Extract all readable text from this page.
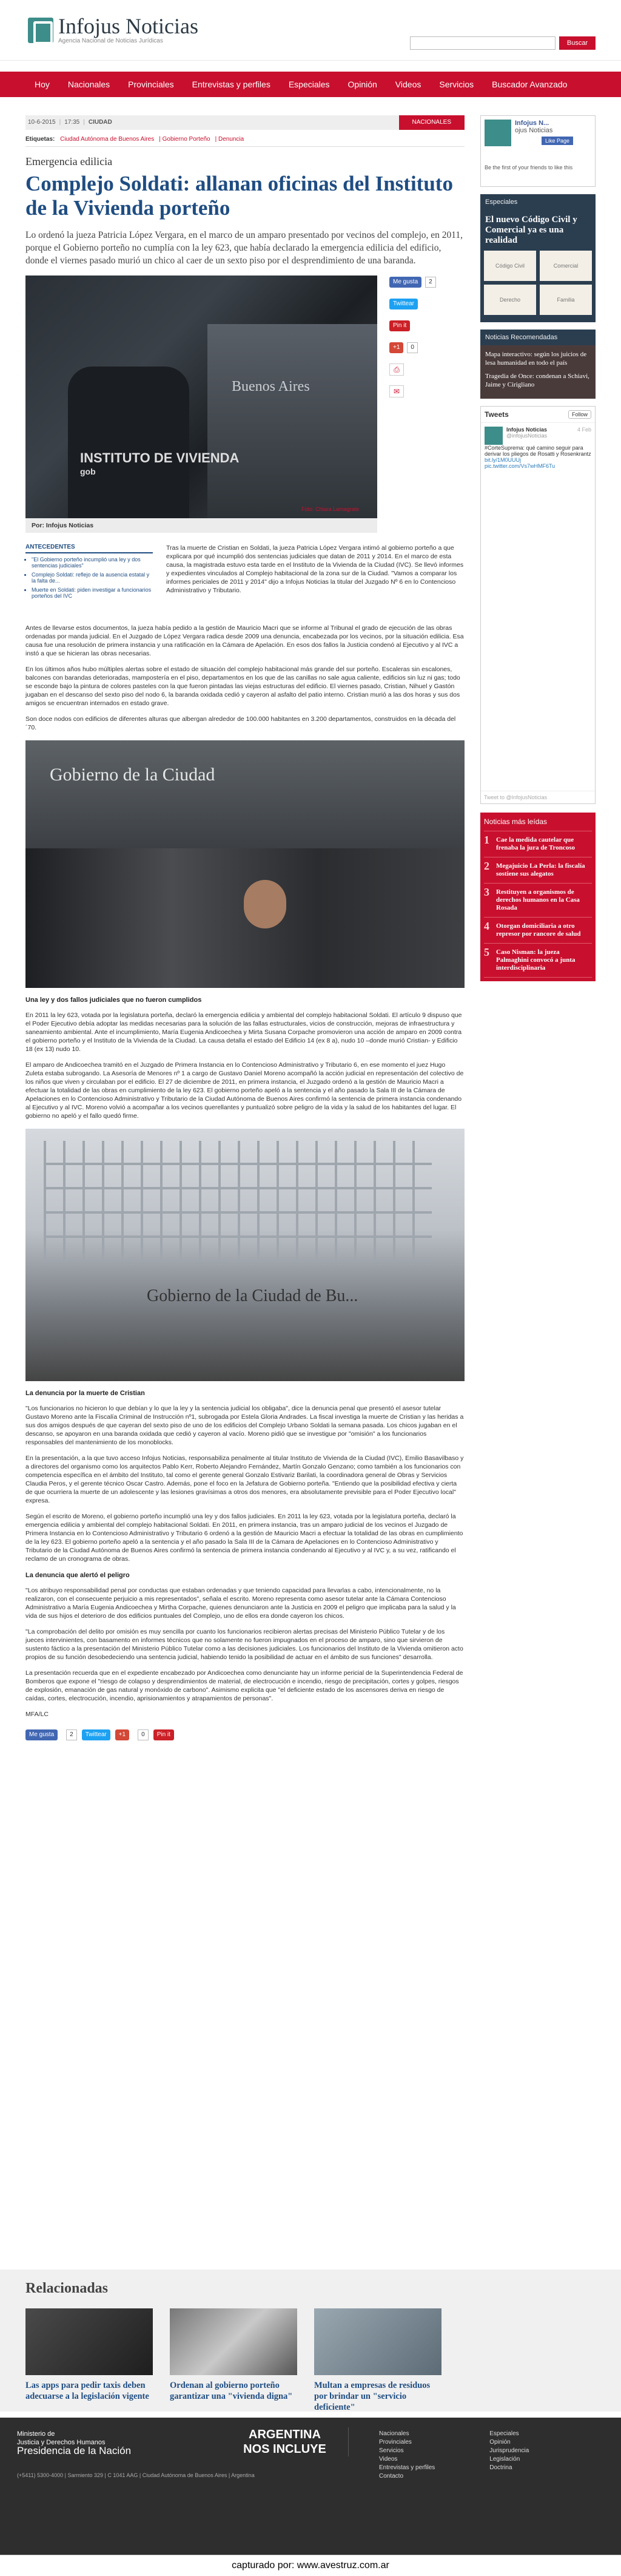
Infojus Noticias
Agencia Nacional de Noticias Jurídicas	Buscar
Hoy	Nacionales	Provinciales	Entrevistas y perfiles	Especiales	Opinión	Videos	Servicios	Buscador Avanzado
10-6-2015 | 17:35 | CIUDAD	NACIONALES
Etiquetas: Ciudad Autónoma de Buenos Aires | Gobierno Porteño | Denuncia
Emergencia edilicia
Complejo Soldati: allanan oficinas del Instituto de la Vivienda porteño

Lo ordenó la jueza Patricia López Vergara, en el marco de un amparo presentado por vecinos del complejo, en 2011, porque el Gobierno porteño no cumplía con la ley 623, que había declarado la emergencia edilicia del edificio, donde el viernes pasado murió un chico al caer de un sexto piso por el desprendimiento de una baranda.

Buenos Aires
INSTITUTO DE VIVIENDA
gob
Foto: Chiara Lamagrate
Por: Infojus Noticias
Me gusta	2
Twittear
Pin it
+1	0
⎙
✉
ANTECEDENTES
• "El Gobierno porteño incumplió una ley y dos sentencias judiciales"
• Complejo Soldati: reflejo de la ausencia estatal y la falta de...
• Muerte en Soldati: piden investigar a funcionarios porteños del IVC

Tras la muerte de Cristian en Soldati, la jueza Patricia López Vergara intimó al gobierno porteño a que explicara por qué incumplió dos sentencias judiciales que datan de 2011 y 2014. En el marco de esta causa, la magistrada estuvo esta tarde en el Instituto de la Vivienda de la Ciudad (IVC). Se llevó informes y expedientes vinculados al Complejo habitacional de la zona sur de la Ciudad. "Vamos a comparar los informes periciales de 2011 y 2014" dijo a Infojus Noticias la titular del Juzgado Nº 6 en lo Contencioso Administrativo y Tributario.

Antes de llevarse estos documentos, la jueza había pedido a la gestión de Mauricio Macri que se informe al Tribunal el grado de ejecución de las obras ordenadas por manda judicial. En el Juzgado de López Vergara radica desde 2009 una denuncia, encabezada por los vecinos, por la situación edilicia. Esa causa fue una resolución de primera instancia y una ratificación en la Cámara de Apelación. En esos dos fallos la Justicia condenó al Ejecutivo y al IVC a instó a que se hicieran las obras necesarias.

En los últimos años hubo múltiples alertas sobre el estado de situación del complejo habitacional más grande del sur porteño. Escaleras sin escalones, balcones con barandas deterioradas, mampostería en el piso, departamentos en los que de las canillas no sale agua caliente, edificios sin luz ni gas; todo se esconde bajo la pintura de colores pasteles con la que fueron pintadas las viejas estructuras del edificio. El viernes pasado, Cristian, Nihuel y Gastón jugaban en el descanso del sexto piso del nodo 6, la baranda oxidada cedió y cayeron al asfalto del patio interno. Cristian murió a las dos horas y sus dos amigos se encuentran internados en estado grave.

Son doce nodos con edificios de diferentes alturas que albergan alrededor de 100.000 habitantes en 3.200 departamentos, construidos en la década del ´70.

Gobierno de la Ciudad
Una ley y dos fallos judiciales que no fueron cumplidos

En 2011 la ley 623, votada por la legislatura porteña, declaró la emergencia edilicia y ambiental del complejo habitacional Soldati. El artículo 9 dispuso que el Poder Ejecutivo debía adoptar las medidas necesarias para la solución de las fallas estructurales, vicios de construcción, mejoras de infraestructura y saneamiento ambiental. Ante el incumplimiento, María Eugenia Andicoechea y Mirta Susana Corpache promovieron una acción de amparo en 2009 contra el gobierno porteño y el Instituto de la Vivienda de la Ciudad. La causa detalla el estado del Edificio 14 (ex 8 a), nudo 10 –donde murió Cristian- y Edificio 18 (ex 13) nudo 10.

El amparo de Andicoechea tramitó en el Juzgado de Primera Instancia en lo Contencioso Administrativo y Tributario 6, en ese momento el juez Hugo Zuleta estaba subrogando. La Asesoría de Menores nº 1 a cargo de Gustavo Daniel Moreno acompañó la acción judicial en representación del colectivo de los niños que viven y circulaban por el edificio. El 27 de diciembre de 2011, en primera instancia, el Juzgado ordenó a la gestión de Mauricio Macri a efectuar la totalidad de las obras en cumplimiento de la ley 623. El gobierno porteño apeló a la sentencia y el año pasado la Sala III de la Cámara de Apelaciones en lo Contencioso Administrativo y Tributario de la Ciudad Autónoma de Buenos Aires confirmó la sentencia de primera instancia condenando al Ejecutivo y al IVC. Moreno volvió a acompañar a los vecinos querellantes y puntualizó sobre peligro de la vida y la salud de los habitantes del lugar. El gobierno no apeló y el fallo quedó firme.

Gobierno de la Ciudad de Bu...
La denuncia por la muerte de Cristian

"Los funcionarios no hicieron lo que debían y lo que la ley y la sentencia judicial los obligaba", dice la denuncia penal que presentó el asesor tutelar Gustavo Moreno ante la Fiscalía Criminal de Instrucción nº1, subrogada por Estela Gloria Andrades. La fiscal investiga la muerte de Cristian y las heridas a sus dos amigos después de que cayeran del sexto piso de uno de los edificios del Complejo Urbano Soldati la semana pasada. Los chicos jugaban en el descanso, se apoyaron en una baranda oxidada que cedió y cayeron al vacío. Moreno pidió que se investigue por "omisión" a los funcionarios responsables del mantenimiento de los monoblocks.

En la presentación, a la que tuvo acceso Infojus Noticias, responsabiliza penalmente al titular Instituto de Vivienda de la Ciudad (IVC), Emilio Basavilbaso y a directores del organismo como los arquitectos Pablo Kerr, Roberto Alejandro Fernández, Martín Gonzalo Genzano; como también a los funcionarios con competencia específica en el ámbito del Instituto, tal como el gerente general Gonzalo Estivariz Barilati, la coordinadora general de Obras y Servicios Claudia Peros, y el gerente técnico Oscar Castro. Además, pone el foco en la Jefatura de Gobierno porteña. "Entiendo que la posibilidad efectiva y cierta de que ocurriera la muerte de un adolescente y las lesiones gravísimas a otros dos menores, era absolutamente previsible para el Poder Ejecutivo local" expresa.

Según el escrito de Moreno, el gobierno porteño incumplió una ley y dos fallos judiciales. En 2011 la ley 623, votada por la legislatura porteña, declaró la emergencia edilicia y ambiental del complejo habitacional Soldati. En 2011, en primera instancia, tras un amparo judicial de los vecinos el Juzgado de Primera Instancia en lo Contencioso Administrativo y Tributario 6 ordenó a la gestión de Mauricio Macri a efectuar la totalidad de las obras en cumplimiento de la ley 623. El gobierno porteño apeló a la sentencia y el año pasado la Sala III de la Cámara de Apelaciones en lo Contencioso Administrativo y Tributario de la Ciudad Autónoma de Buenos Aires confirmó la sentencia de primera instancia condenando al Ejecutivo y al IVC y, a su vez, ratificando el reclamo de un cronograma de obras.

La denuncia que alertó el peligro

"Los atribuyo responsabilidad penal por conductas que estaban ordenadas y que teniendo capacidad para llevarlas a cabo, intencionalmente, no la realizaron, con el consecuente perjuicio a mis representados", señala el escrito. Moreno representa como asesor tutelar ante la Cámara Contencioso Administrativo a María Eugenia Andicoechea y Mirtha Corpache, quienes denunciaron ante la Justicia en 2009 el peligro que implicaba para la salud y la vida de sus hijos el deterioro de dos edificios puntuales del Complejo, uno de ellos era donde cayeron los chicos.

"La comprobación del delito por omisión es muy sencilla por cuanto los funcionarios recibieron alertas precisas del Ministerio Público Tutelar y de los jueces intervinientes, con basamento en informes técnicos que no solamente no fueron impugnados en el proceso de amparo, sino que sirvieron de sustento fáctico a la presentación del Ministerio Público Tutelar como a las decisiones judiciales. Los funcionarios del Instituto de la Vivienda omitieron acto propios de su función desobedeciendo una sentencia judicial, habiendo tenido la posibilidad de actuar en el ámbito de sus funciones" desarrolla.

La presentación recuerda que en el expediente encabezado por Andicoechea como denunciante hay un informe pericial de la Superintendencia Federal de Bomberos que expone el "riesgo de colapso y desprendimientos de material, de electrocución e incendio, riesgo de precipitación, cortes y golpes, riesgos de explosión, emanación de gas natural y monóxido de carbono". Asimismo explicita que "el deficiente estado de los ascensores deriva en riesgo de caídas, cortes, electrocución, incendio, aprisionamientos y atrapamientos de personas".

MFA/LC

Me gusta	2	Twittear	+1	0	Pin it
Infojus N...
ojus Noticias
Like Page
Be the first of your friends to like this
Especiales
El nuevo Código Civil y Comercial ya es una realidad
Código Civil	Comercial
Derecho	Familia
Noticias Recomendadas

Mapa interactivo: según los juicios de lesa humanidad en todo el país

Tragedia de Once: condenan a Schiavi, Jaime y Cirigliano

Tweets	Follow
Infojus Noticias	4 Feb
@infojusNoticias

#CorteSuprema: qué camino seguir para derivar los pliegos de Rosatti y Rosenkrantz

bit.ly/1M0UUUj pic.twitter.com/Vs7wHMF6Tu

Tweet to @InfojusNoticias
Noticias más leídas
1 Cae la medida cautelar que frenaba la jura de Troncoso
2 Megajuicio La Perla: la fiscalía sostiene sus alegatos
3 Restituyen a organismos de derechos humanos en la Casa Rosada
4 Otorgan domiciliaria a otro represor por rancore de salud
5 Caso Nisman: la jueza Palmaghini convocó a junta interdisciplinaria
Relacionadas

Las apps para pedir taxis deben adecuarse a la legislación vigente

Ordenan al gobierno porteño garantizar una "vivienda digna"

Multan a empresas de residuos por brindar un "servicio deficiente"

Ministerio de
Justicia y Derechos Humanos
Presidencia de la Nación
ARGENTINA
NOS INCLUYE
Nacionales
Provinciales
Servicios
Videos
Entrevistas y perfiles
Contacto
Especiales
Opinión
Jurisprudencia
Legislación
Doctrina
(+5411) 5300-4000 | Sarmiento 329 | C 1041 AAG | Ciudad Autónoma de Buenos Aires | Argentina
capturado por: www.avestruz.com.ar
